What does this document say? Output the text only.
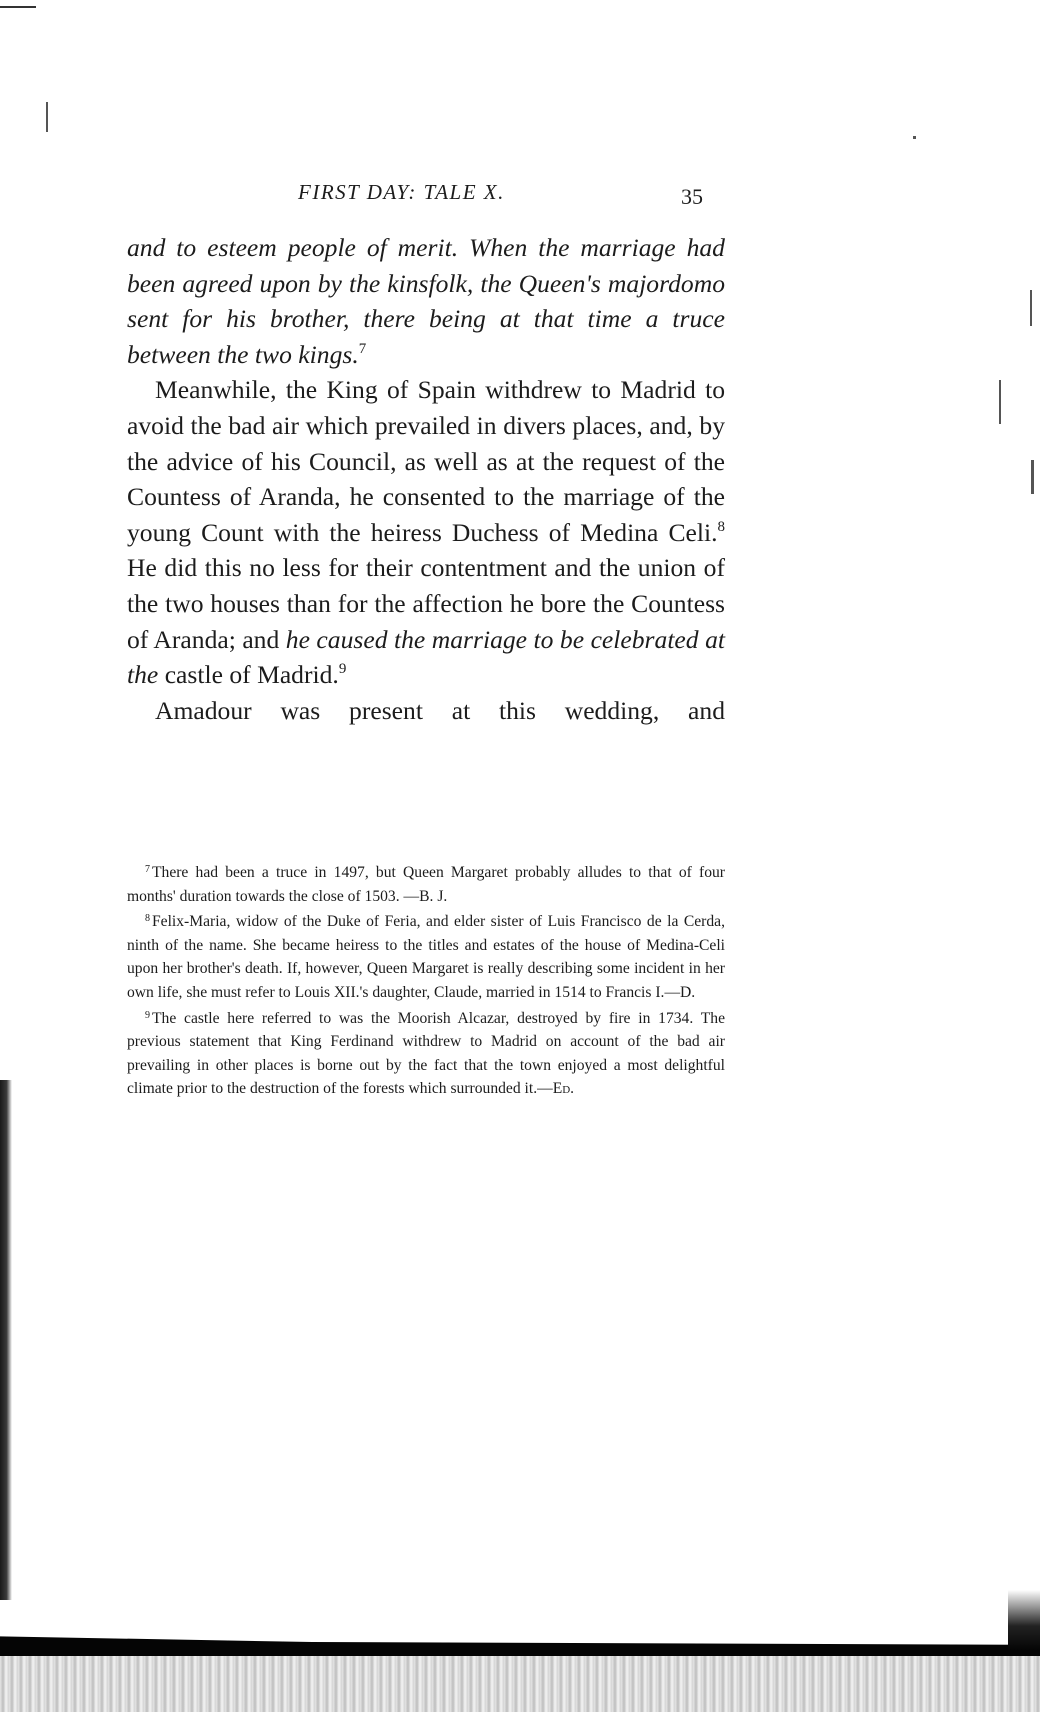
FIRST DAY: TALE X.	35

and to esteem people of merit. When the marriage had been agreed upon by the kinsfolk, the Queen's majordomo sent for his brother, there being at that time a truce between the two kings.$^7$

Meanwhile, the King of Spain withdrew to Madrid to avoid the bad air which prevailed in divers places, and, by the advice of his Council, as well as at the request of the Countess of Aranda, he consented to the marriage of the young Count with the heiress Duchess of Medina Celi.$^8$ He did this no less for their contentment and the union of the two houses than for the affection he bore the Countess of Aranda; and he caused the marriage to be celebrated at the castle of Madrid.$^9$

Amadour was present at this wedding, and

$^7$ There had been a truce in 1497, but Queen Margaret probably alludes to that of four months' duration towards the close of 1503. —B. J.

$^8$ Felix-Maria, widow of the Duke of Feria, and elder sister of Luis Francisco de la Cerda, ninth of the name. She became heiress to the titles and estates of the house of Medina-Celi upon her brother's death. If, however, Queen Margaret is really describing some incident in her own life, she must refer to Louis XII.'s daughter, Claude, married in 1514 to Francis I.—D.

$^9$ The castle here referred to was the Moorish Alcazar, destroyed by fire in 1734. The previous statement that King Ferdinand withdrew to Madrid on account of the bad air prevailing in other places is borne out by the fact that the town enjoyed a most delightful climate prior to the destruction of the forests which surrounded it.—Ed.
